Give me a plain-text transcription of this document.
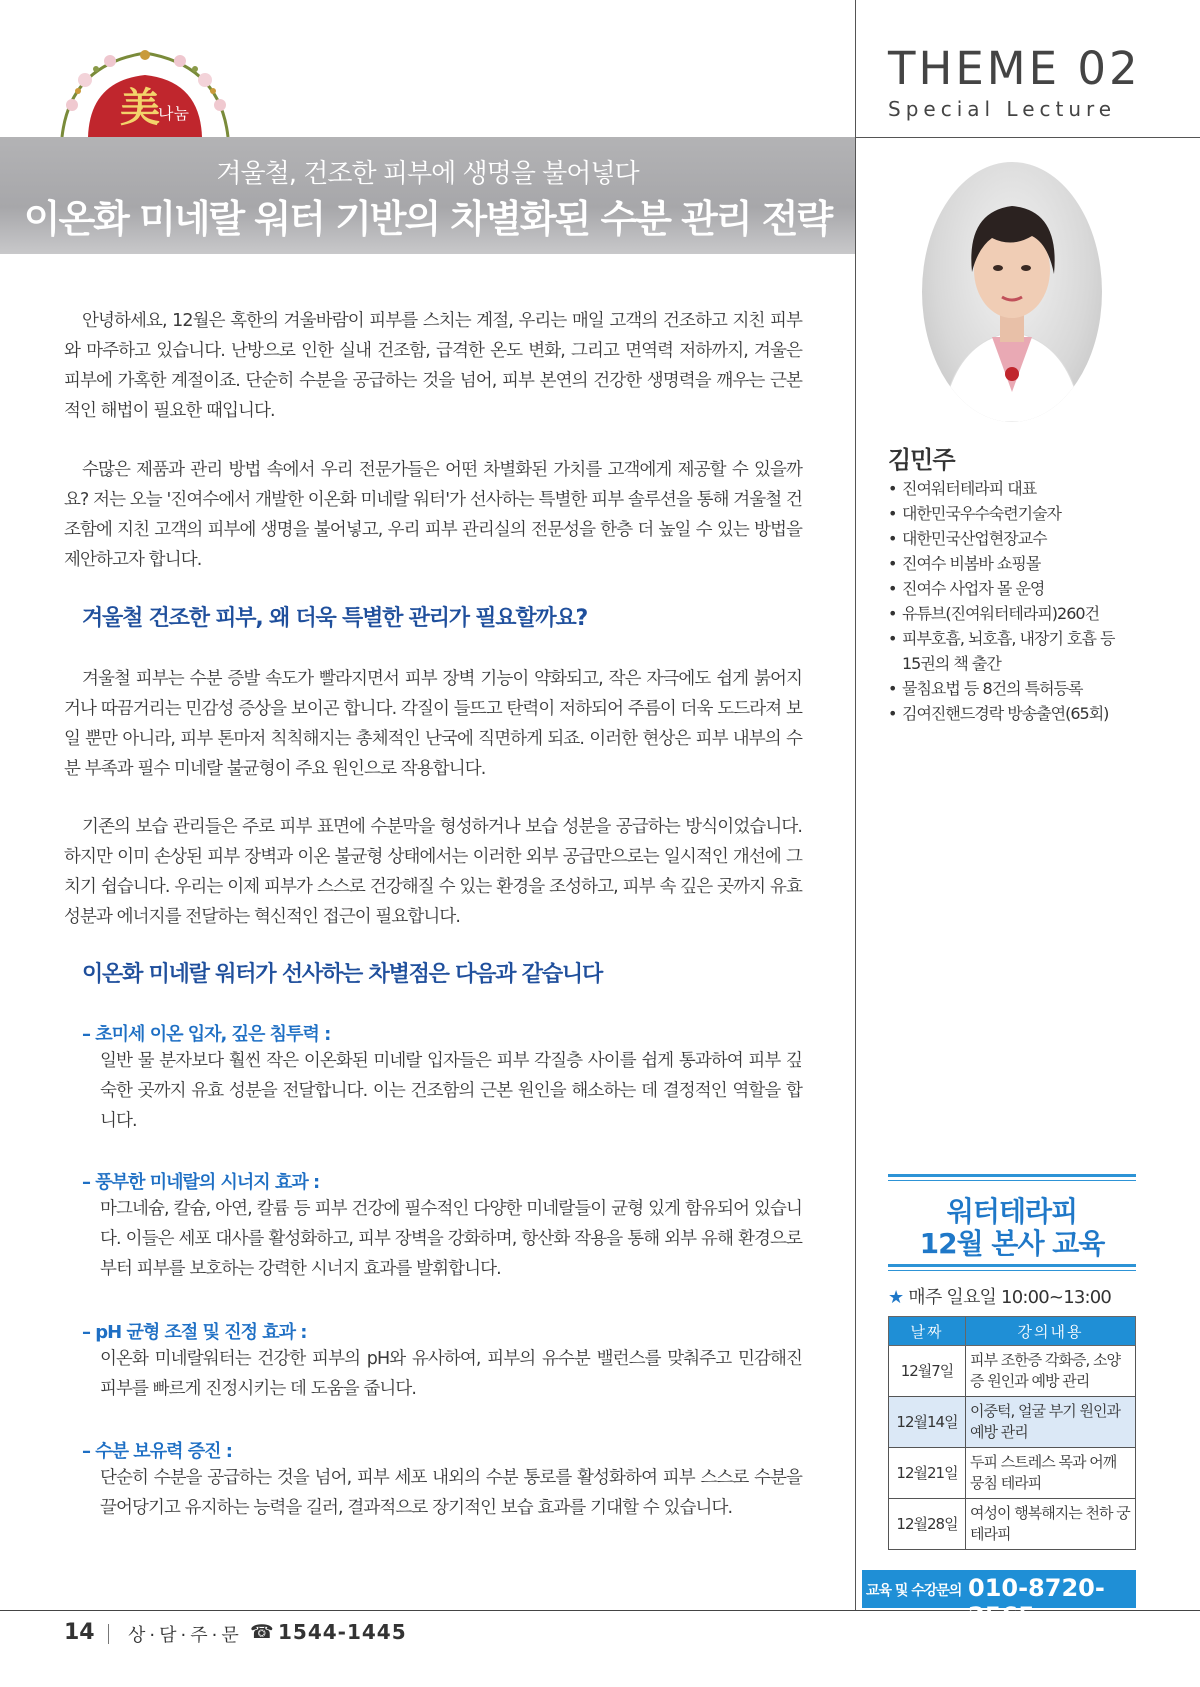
美
나눔
THEME 02
Special Lecture
겨울철, 건조한 피부에 생명을 불어넣다
이온화 미네랄 워터 기반의 차별화된 수분 관리 전략
안녕하세요, 12월은 혹한의 겨울바람이 피부를 스치는 계절, 우리는 매일 고객의 건조하고 지친 피부와 마주하고 있습니다. 난방으로 인한 실내 건조함, 급격한 온도 변화, 그리고 면역력 저하까지, 겨울은 피부에 가혹한 계절이죠. 단순히 수분을 공급하는 것을 넘어, 피부 본연의 건강한 생명력을 깨우는 근본적인 해법이 필요한 때입니다.
수많은 제품과 관리 방법 속에서 우리 전문가들은 어떤 차별화된 가치를 고객에게 제공할 수 있을까요? 저는 오늘 '진여수에서 개발한 이온화 미네랄 워터'가 선사하는 특별한 피부 솔루션을 통해 겨울철 건조함에 지친 고객의 피부에 생명을 불어넣고, 우리 피부 관리실의 전문성을 한층 더 높일 수 있는 방법을 제안하고자 합니다.
겨울철 건조한 피부, 왜 더욱 특별한 관리가 필요할까요?
겨울철 피부는 수분 증발 속도가 빨라지면서 피부 장벽 기능이 약화되고, 작은 자극에도 쉽게 붉어지거나 따끔거리는 민감성 증상을 보이곤 합니다. 각질이 들뜨고 탄력이 저하되어 주름이 더욱 도드라져 보일 뿐만 아니라, 피부 톤마저 칙칙해지는 총체적인 난국에 직면하게 되죠. 이러한 현상은 피부 내부의 수분 부족과 필수 미네랄 불균형이 주요 원인으로 작용합니다.
기존의 보습 관리들은 주로 피부 표면에 수분막을 형성하거나 보습 성분을 공급하는 방식이었습니다. 하지만 이미 손상된 피부 장벽과 이온 불균형 상태에서는 이러한 외부 공급만으로는 일시적인 개선에 그치기 쉽습니다. 우리는 이제 피부가 스스로 건강해질 수 있는 환경을 조성하고, 피부 속 깊은 곳까지 유효 성분과 에너지를 전달하는 혁신적인 접근이 필요합니다.
이온화 미네랄 워터가 선사하는 차별점은 다음과 같습니다
– 초미세 이온 입자, 깊은 침투력 :
일반 물 분자보다 훨씬 작은 이온화된 미네랄 입자들은 피부 각질층 사이를 쉽게 통과하여 피부 깊숙한 곳까지 유효 성분을 전달합니다. 이는 건조함의 근본 원인을 해소하는 데 결정적인 역할을 합니다.
– 풍부한 미네랄의 시너지 효과 :
마그네슘, 칼슘, 아연, 칼륨 등 피부 건강에 필수적인 다양한 미네랄들이 균형 있게 함유되어 있습니다. 이들은 세포 대사를 활성화하고, 피부 장벽을 강화하며, 항산화 작용을 통해 외부 유해 환경으로부터 피부를 보호하는 강력한 시너지 효과를 발휘합니다.
– pH 균형 조절 및 진정 효과 :
이온화 미네랄워터는 건강한 피부의 pH와 유사하여, 피부의 유수분 밸런스를 맞춰주고 민감해진 피부를 빠르게 진정시키는 데 도움을 줍니다.
– 수분 보유력 증진 :
단순히 수분을 공급하는 것을 넘어, 피부 세포 내외의 수분 통로를 활성화하여 피부 스스로 수분을 끌어당기고 유지하는 능력을 길러, 결과적으로 장기적인 보습 효과를 기대할 수 있습니다.
김민주
• 진여워터테라피 대표
• 대한민국우수숙련기술자
• 대한민국산업현장교수
• 진여수 비봄바 쇼핑몰
• 진여수 사업자 몰 운영
• 유튜브(진여워터테라피)260건
• 피부호흡, 뇌호흡, 내장기 호흡 등 15권의 책 출간
• 물침요법 등 8건의 특허등록
• 김여진핸드경락 방송출연(65회)
워터테라피
12월 본사 교육
★ 매주 일요일 10:00~13:00
날짜	강의내용
12월7일	피부 조한증 각화증, 소양증 원인과 예방 관리
12월14일	이중턱, 얼굴 부기 원인과 예방 관리
12월21일	두피 스트레스 목과 어깨 뭉침 테라피
12월28일	여성이 행복해지는 천하 궁 테라피
교육 및 수강문의 010-8720-2565
14 상·담·주·문 ☎ 1544-1445
